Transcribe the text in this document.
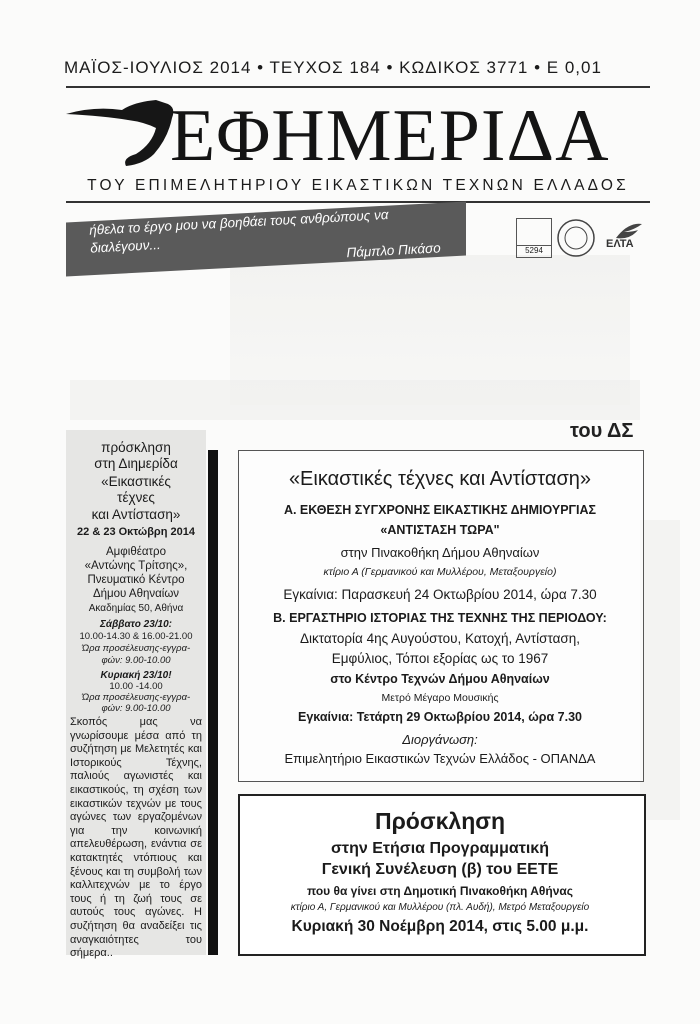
ΜΑΪΟΣ-ΙΟΥΛΙΟΣ 2014 • ΤΕΥΧΟΣ 184 • ΚΩΔΙΚΟΣ 3771 • Ε 0,01
ΕΦΗΜΕΡΙΔΑ
ΤΟΥ ΕΠΙΜΕΛΗΤΗΡΙΟΥ ΕΙΚΑΣΤΙΚΩΝ ΤΕΧΝΩΝ ΕΛΛΑΔΟΣ
ήθελα το έργο μου να βοηθάει τους ανθρώπους να διαλέγουν...	Πάμπλο Πικάσο	5294
ΕΛΤΑ
πρόσκληση
στη Διημερίδα
«Εικαστικές
τέχνες
και Αντίσταση»
22 & 23 Οκτώβρη 2014
Αμφιθέατρο
«Αντώνης Τρίτσης»,
Πνευματικό Κέντρο
Δήμου Αθηναίων
Ακαδημίας 50, Αθήνα
Σάββατο 23/10:
10.00-14.30 & 16.00-21.00
Ώρα προσέλευσης-εγγρα-
φών: 9.00-10.00
Κυριακή 23/10!
10.00 -14.00
Ώρα προσέλευσης-εγγρα-
φών: 9.00-10.00
Σκοπός μας να γνωρίσουμε μέσα από τη συζήτηση με Μελετητές και Ιστορικούς Τέχνης, παλιούς αγωνιστές και εικαστικούς, τη σχέση των εικαστικών τεχνών με τους αγώνες των εργαζομένων για την κοινωνική απελευθέρωση, ενάντια σε κατακτητές ντόπιους και ξένους και τη συμβολή των καλλιτεχνών με το έργο τους ή τη ζωή τους σε αυτούς τους αγώνες. Η συζήτηση θα αναδείξει τις αναγκαιότητες του σήμερα..
του ΔΣ
«Εικαστικές τέχνες και Αντίσταση»
Α. ΕΚΘΕΣΗ ΣΥΓΧΡΟΝΗΣ ΕΙΚΑΣΤΙΚΗΣ ΔΗΜΙΟΥΡΓΙΑΣ
«ΑΝΤΙΣΤΑΣΗ ΤΩΡΑ"
στην Πινακοθήκη Δήμου Αθηναίων
κτίριο Α (Γερμανικού και Μυλλέρου, Μεταξουργείο)
Εγκαίνια: Παρασκευή 24 Οκτωβρίου 2014, ώρα 7.30
Β. ΕΡΓΑΣΤΗΡΙΟ ΙΣΤΟΡΙΑΣ ΤΗΣ ΤΕΧΝΗΣ ΤΗΣ ΠΕΡΙΟΔΟΥ:
Δικτατορία 4ης Αυγούστου, Κατοχή, Αντίσταση,
Εμφύλιος, Τόποι εξορίας ως το 1967
στο Κέντρο Τεχνών Δήμου Αθηναίων
Μετρό Μέγαρο Μουσικής
Εγκαίνια: Τετάρτη 29 Οκτωβρίου 2014, ώρα 7.30
Διοργάνωση:
Επιμελητήριο Εικαστικών Τεχνών Ελλάδος - ΟΠΑΝΔΑ
Πρόσκληση
στην Ετήσια Προγραμματική
Γενική Συνέλευση (β) του ΕΕΤΕ
που θα γίνει στη Δημοτική Πινακοθήκη Αθήνας
κτίριο Α, Γερμανικού και Μυλλέρου (πλ. Αυδή), Μετρό Μεταξουργείο
Κυριακή 30 Νοέμβρη 2014, στις 5.00 μ.μ.
